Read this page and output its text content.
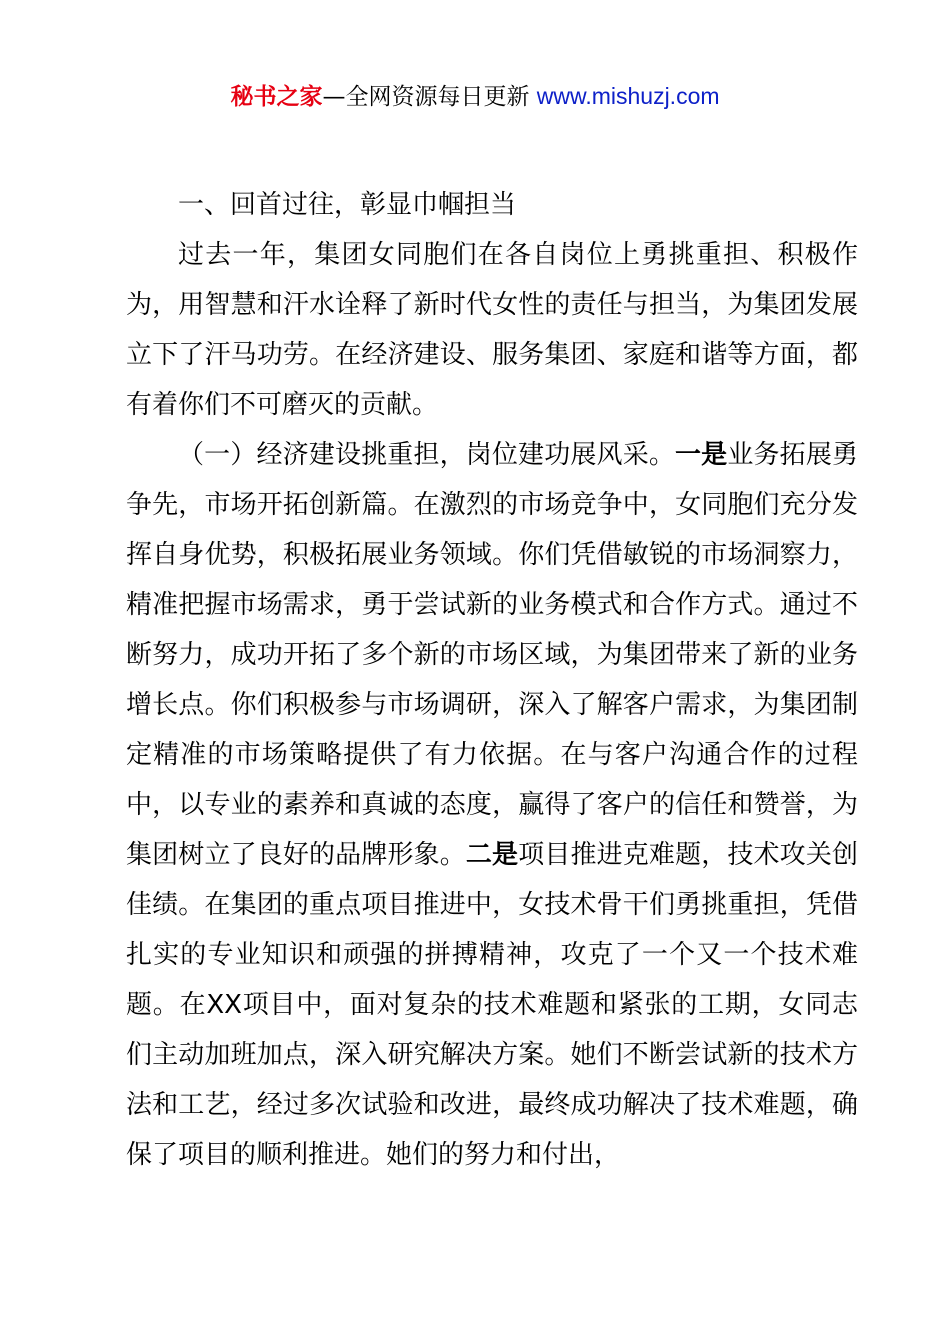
秘书之家—全网资源每日更新 www.mishuzj.com
一、回首过往，彰显巾帼担当

过去一年，集团女同胞们在各自岗位上勇挑重担、积极作为，用智慧和汗水诠释了新时代女性的责任与担当，为集团发展立下了汗马功劳。在经济建设、服务集团、家庭和谐等方面，都有着你们不可磨灭的贡献。

（一）经济建设挑重担，岗位建功展风采。一是业务拓展勇争先，市场开拓创新篇。在激烈的市场竞争中，女同胞们充分发挥自身优势，积极拓展业务领域。你们凭借敏锐的市场洞察力，精准把握市场需求，勇于尝试新的业务模式和合作方式。通过不断努力，成功开拓了多个新的市场区域，为集团带来了新的业务增长点。你们积极参与市场调研，深入了解客户需求，为集团制定精准的市场策略提供了有力依据。在与客户沟通合作的过程中，以专业的素养和真诚的态度，赢得了客户的信任和赞誉，为集团树立了良好的品牌形象。二是项目推进克难题，技术攻关创佳绩。在集团的重点项目推进中，女技术骨干们勇挑重担，凭借扎实的专业知识和顽强的拼搏精神，攻克了一个又一个技术难题。在XX项目中，面对复杂的技术难题和紧张的工期，女同志们主动加班加点，深入研究解决方案。她们不断尝试新的技术方法和工艺，经过多次试验和改进，最终成功解决了技术难题，确保了项目的顺利推进。她们的努力和付出，
